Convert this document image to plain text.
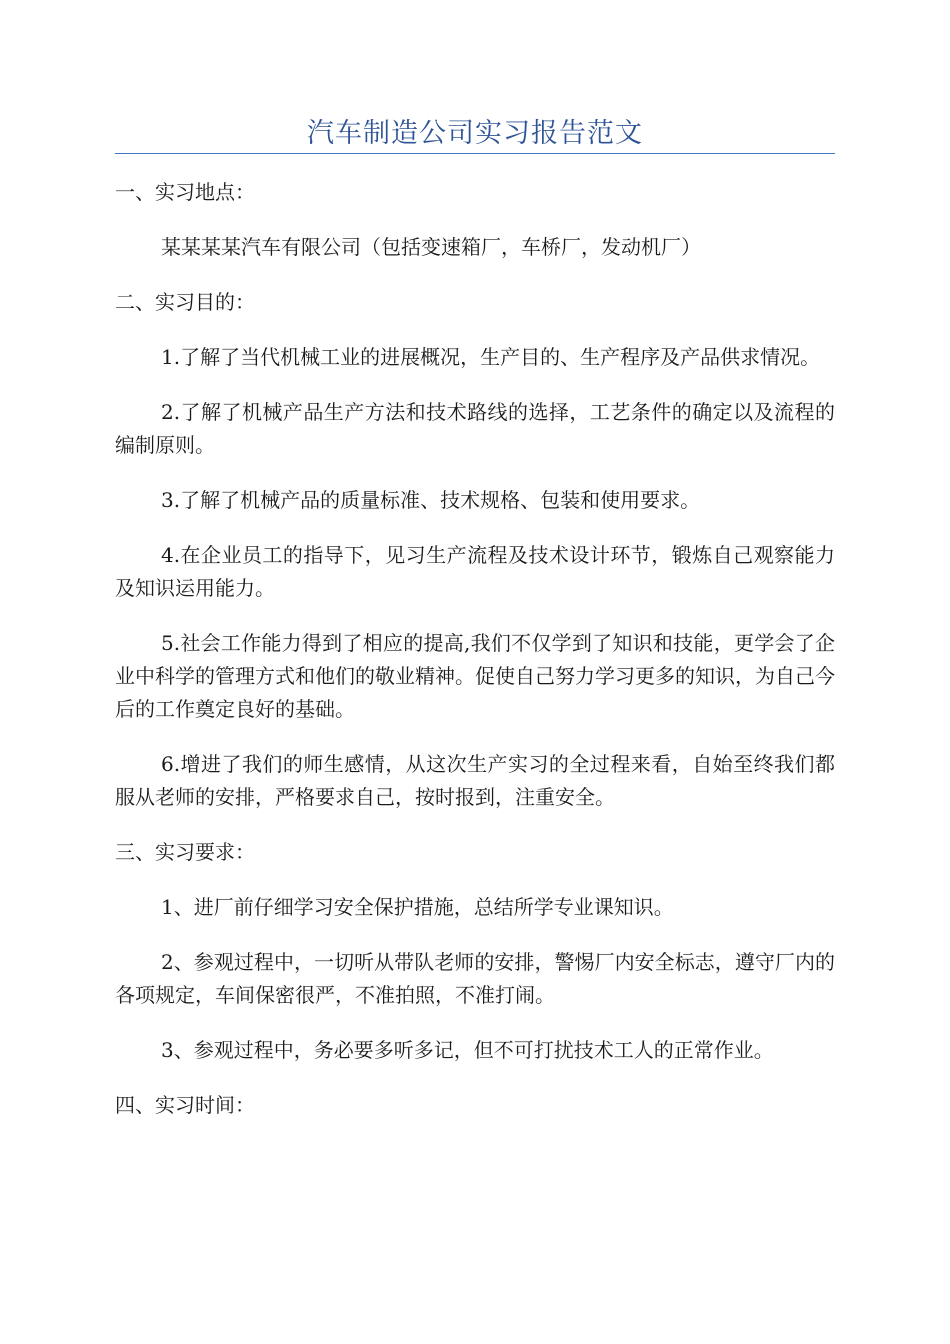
汽车制造公司实习报告范文

一、实习地点：

某某某某汽车有限公司（包括变速箱厂，车桥厂，发动机厂）

二、实习目的：

1.了解了当代机械工业的进展概况，生产目的、生产程序及产品供求情况。

2.了解了机械产品生产方法和技术路线的选择，工艺条件的确定以及流程的编制原则。

3.了解了机械产品的质量标准、技术规格、包装和使用要求。

4.在企业员工的指导下，见习生产流程及技术设计环节，锻炼自己观察能力及知识运用能力。

5.社会工作能力得到了相应的提高,我们不仅学到了知识和技能，更学会了企业中科学的管理方式和他们的敬业精神。促使自己努力学习更多的知识，为自己今后的工作奠定良好的基础。

6.增进了我们的师生感情，从这次生产实习的全过程来看，自始至终我们都服从老师的安排，严格要求自己，按时报到，注重安全。

三、实习要求：

1、进厂前仔细学习安全保护措施，总结所学专业课知识。

2、参观过程中，一切听从带队老师的安排，警惕厂内安全标志，遵守厂内的各项规定，车间保密很严，不准拍照，不准打闹。

3、参观过程中，务必要多听多记，但不可打扰技术工人的正常作业。

四、实习时间：
